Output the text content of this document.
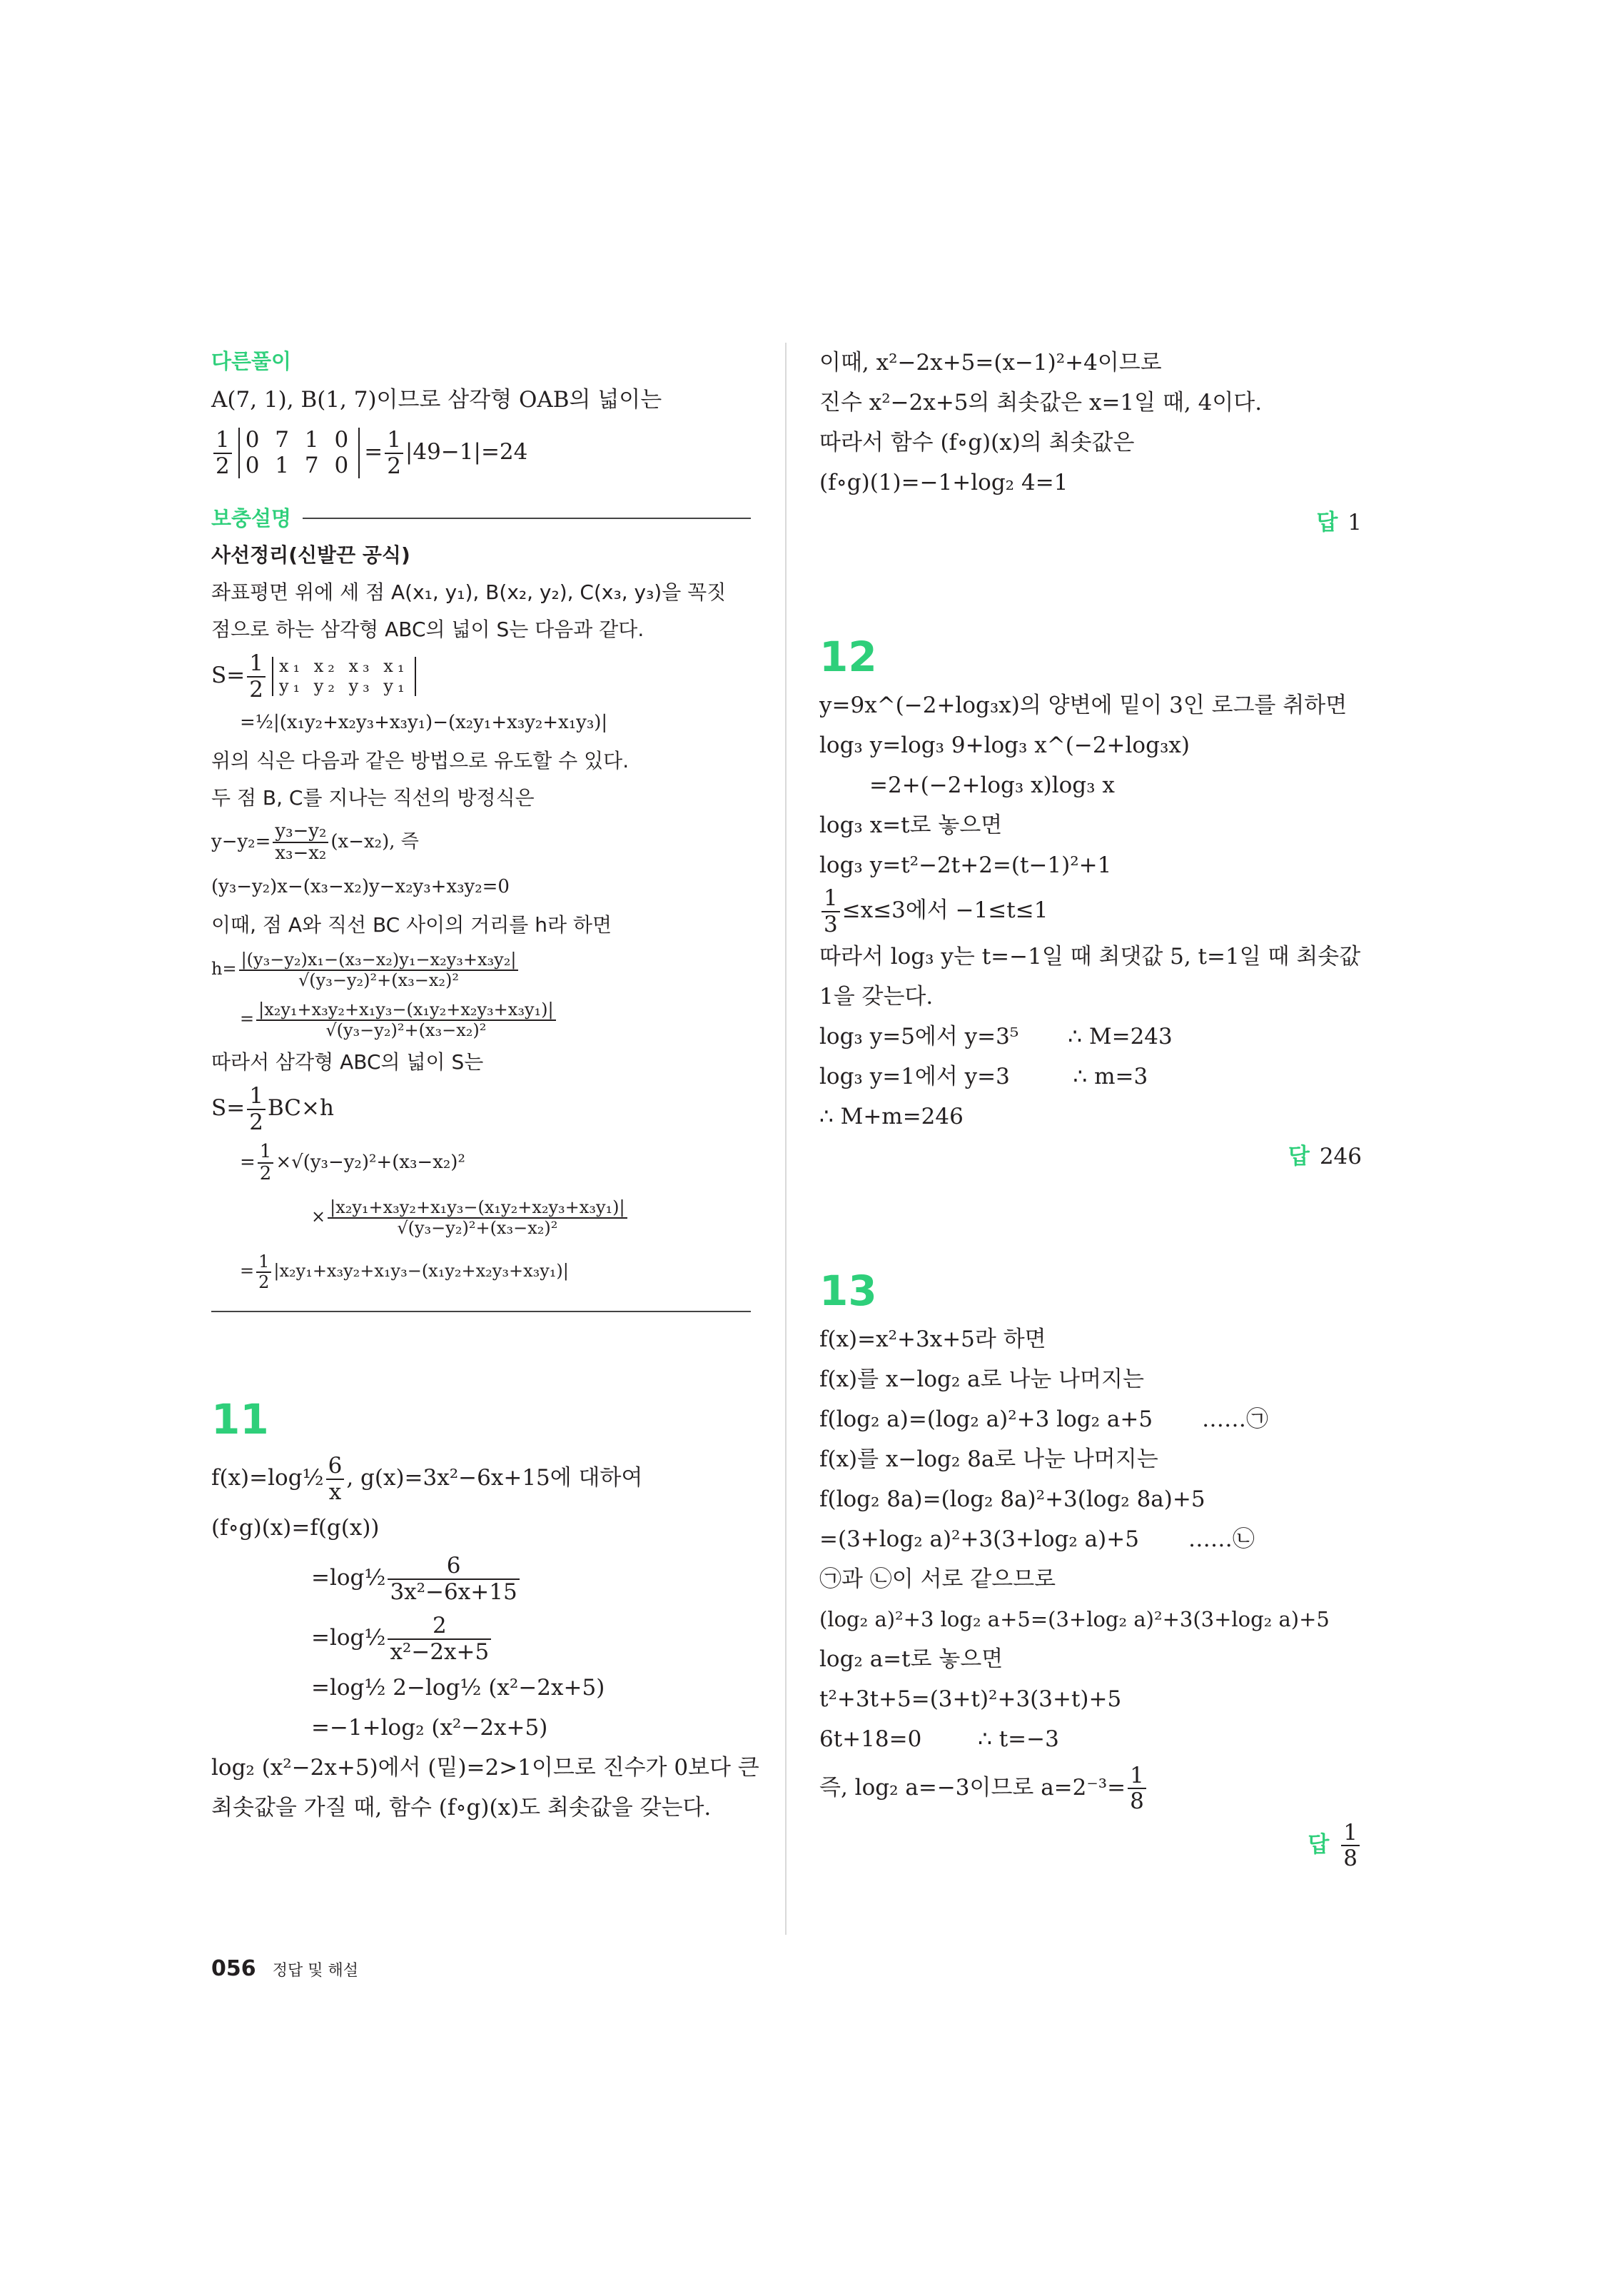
다른풀이
A(7, 1), B(1, 7)이므로 삼각형 OAB의 넓이는
$\frac{1}{2} 0$ 7 1 0
0 1 7 0
= $\frac{1}{2} |49-1|=24$
보충설명
사선정리(신발끈 공식)
좌표평면 위에 세 점 A(x₁, y₁), B(x₂, y₂), C(x₃, y₃)을 꼭짓
점으로 하는 삼각형 ABC의 넓이 S는 다음과 같다.
$S= \frac{1}{2} x_1$ x₂ x₃ x₁
y₁ y₂ y₃ y₁
=½|(x₁y₂+x₂y₃+x₃y₁)−(x₂y₁+x₃y₂+x₁y₃)|
위의 식은 다음과 같은 방법으로 유도할 수 있다.
두 점 B, C를 지나는 직선의 방정식은
$y-y_2= \frac{\text{y₃−y₂}}{\text{x₃−x₂}} (x-x_2)$, 즉
(y₃−y₂)x−(x₃−x₂)y−x₂y₃+x₃y₂=0
이때, 점 A와 직선 BC 사이의 거리를 h라 하면
$h= \frac{\text{|(y₃−y₂)x₁−(x₃−x₂)y₁−x₂y₃+x₃y₂|}}{\text{√(y₃−y₂)²+(x₃−x₂)²}}$
= $\frac{\text{|x₂y₁+x₃y₂+x₁y₃−(x₁y₂+x₂y₃+x₃y₁)|}}{\text{√(y₃−y₂)²+(x₃−x₂)²}}$
따라서 삼각형 ABC의 넓이 S는
$S= \frac{1}{2} BC\times h$
= $\frac{1}{2} \times√(y_3-y_2)^2+(x_3-x_2)^2$
× $\frac{\text{|x₂y₁+x₃y₂+x₁y₃−(x₁y₂+x₂y₃+x₃y₁)|}}{\text{√(y₃−y₂)²+(x₃−x₂)²}}$
= $\frac{1}{2} |x_2y_1+x_3y_2+x_1y_3-(x_1y_2+x_2y_3+x_3y_1)|$
11
f(x)=log½ $\frac{6}{x}$ , g(x)=3x²−6x+15에 대하여
(f∘g)(x)=f(g(x))
=log½ $\frac{6}{\text{3x²−6x+15}}$
=log½ $\frac{2}{\text{x²−2x+5}}$
=log½ 2−log½ (x²−2x+5)
=−1+log₂ (x²−2x+5)
log₂ (x²−2x+5)에서 (밑)=2>1이므로 진수가 0보다 큰
최솟값을 가질 때, 함수 (f∘g)(x)도 최솟값을 갖는다.
이때, x²−2x+5=(x−1)²+4이므로
진수 x²−2x+5의 최솟값은 x=1일 때, 4이다.
따라서 함수 (f∘g)(x)의 최솟값은
(f∘g)(1)=−1+log₂ 4=1
답 1
12
y=9x^(−2+log₃x)의 양변에 밑이 3인 로그를 취하면
log₃ y=log₃ 9+log₃ x^(−2+log₃x)
=2+(−2+log₃ x)log₃ x
log₃ x=t로 놓으면
log₃ y=t²−2t+2=(t−1)²+1
$\frac{1}{3} \le x\le 3$에서 −1≤t≤1
따라서 log₃ y는 t=−1일 때 최댓값 5, t=1일 때 최솟값
1을 갖는다.
log₃ y=5에서 y=3⁵       ∴ M=243
log₃ y=1에서 y=3         ∴ m=3
∴ M+m=246
답 246
13
f(x)=x²+3x+5라 하면
f(x)를 x−log₂ a로 나눈 나머지는
f(log₂ a)=(log₂ a)²+3 log₂ a+5       ……㉠
f(x)를 x−log₂ 8a로 나눈 나머지는
f(log₂ 8a)=(log₂ 8a)²+3(log₂ 8a)+5
=(3+log₂ a)²+3(3+log₂ a)+5       ……㉡
㉠과 ㉡이 서로 같으므로
(log₂ a)²+3 log₂ a+5=(3+log₂ a)²+3(3+log₂ a)+5
log₂ a=t로 놓으면
t²+3t+5=(3+t)²+3(3+t)+5
6t+18=0        ∴ t=−3
즉, log₂ a=−3이므로 $a=2^{-3}= \frac{1}{8}$
답 $\frac{1}{8}$
056 정답 및 해설
